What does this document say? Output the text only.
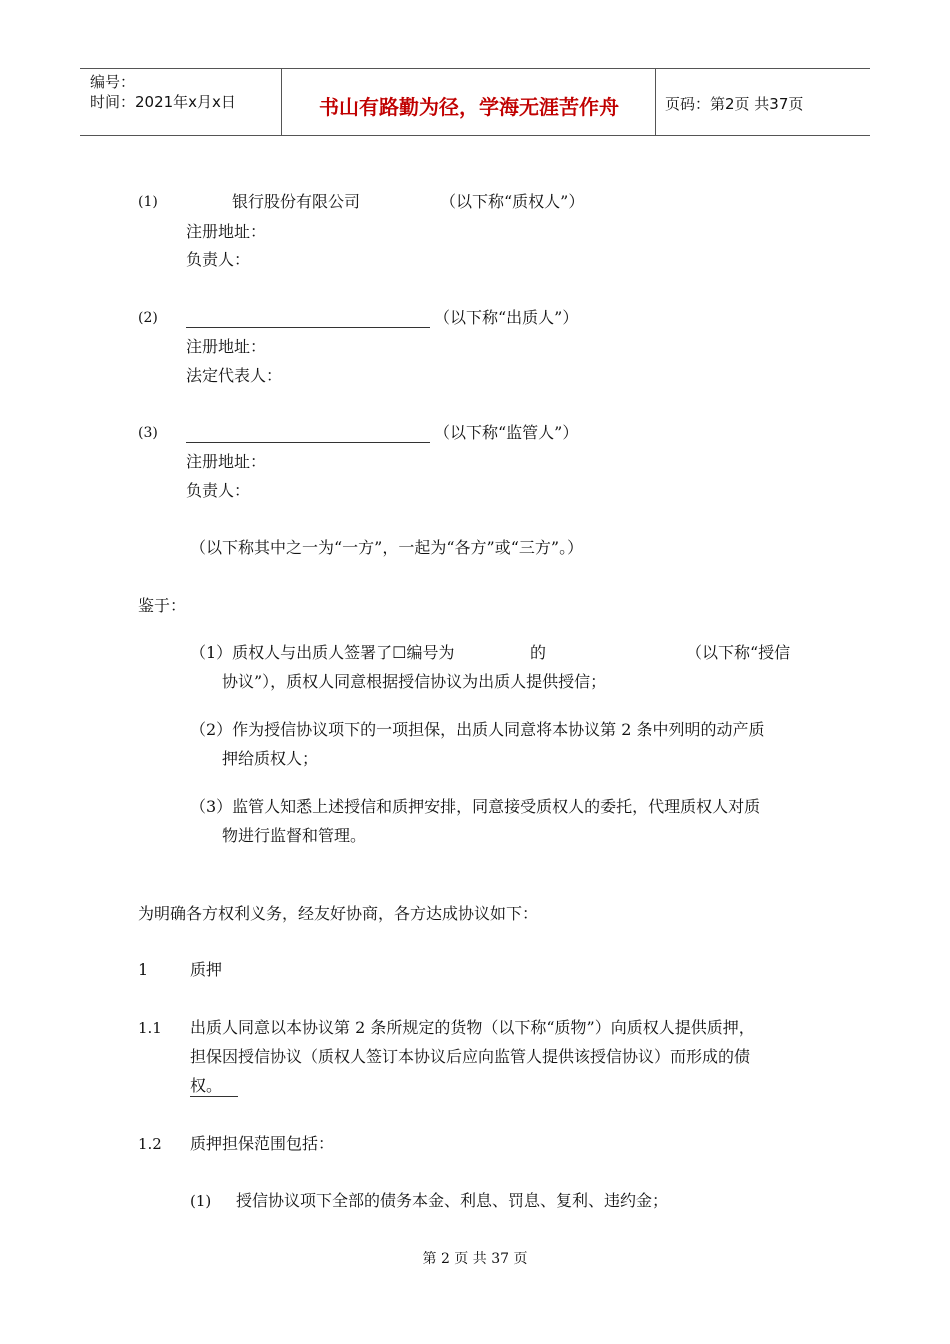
编号：
时间：2021年x月x日	书山有路勤为径，学海无涯苦作舟	页码：第2页 共37页
(1)	银行股份有限公司	（以下称“质权人”）
注册地址：
负责人：
(2)	（以下称“出质人”）
注册地址：
法定代表人：
(3)	（以下称“监管人”）
注册地址：
负责人：
（以下称其中之一为“一方”，一起为“各方”或“三方”。）
鉴于：
（1）质权人与出质人签署了☐编号为	的	（以下称“授信
协议”），质权人同意根据授信协议为出质人提供授信；
（2）作为授信协议项下的一项担保，出质人同意将本协议第 2 条中列明的动产质
押给质权人；
（3）监管人知悉上述授信和质押安排，同意接受质权人的委托，代理质权人对质
物进行监督和管理。
为明确各方权利义务，经友好协商，各方达成协议如下：
1	质押
1.1 出质人同意以本协议第 2 条所规定的货物（以下称“质物”）向质权人提供质押，
担保因授信协议（质权人签订本协议后应向监管人提供该授信协议）而形成的债
权。
1.2 质押担保范围包括：
(1) 授信协议项下全部的债务本金、利息、罚息、复利、违约金；
第 2 页 共 37 页
